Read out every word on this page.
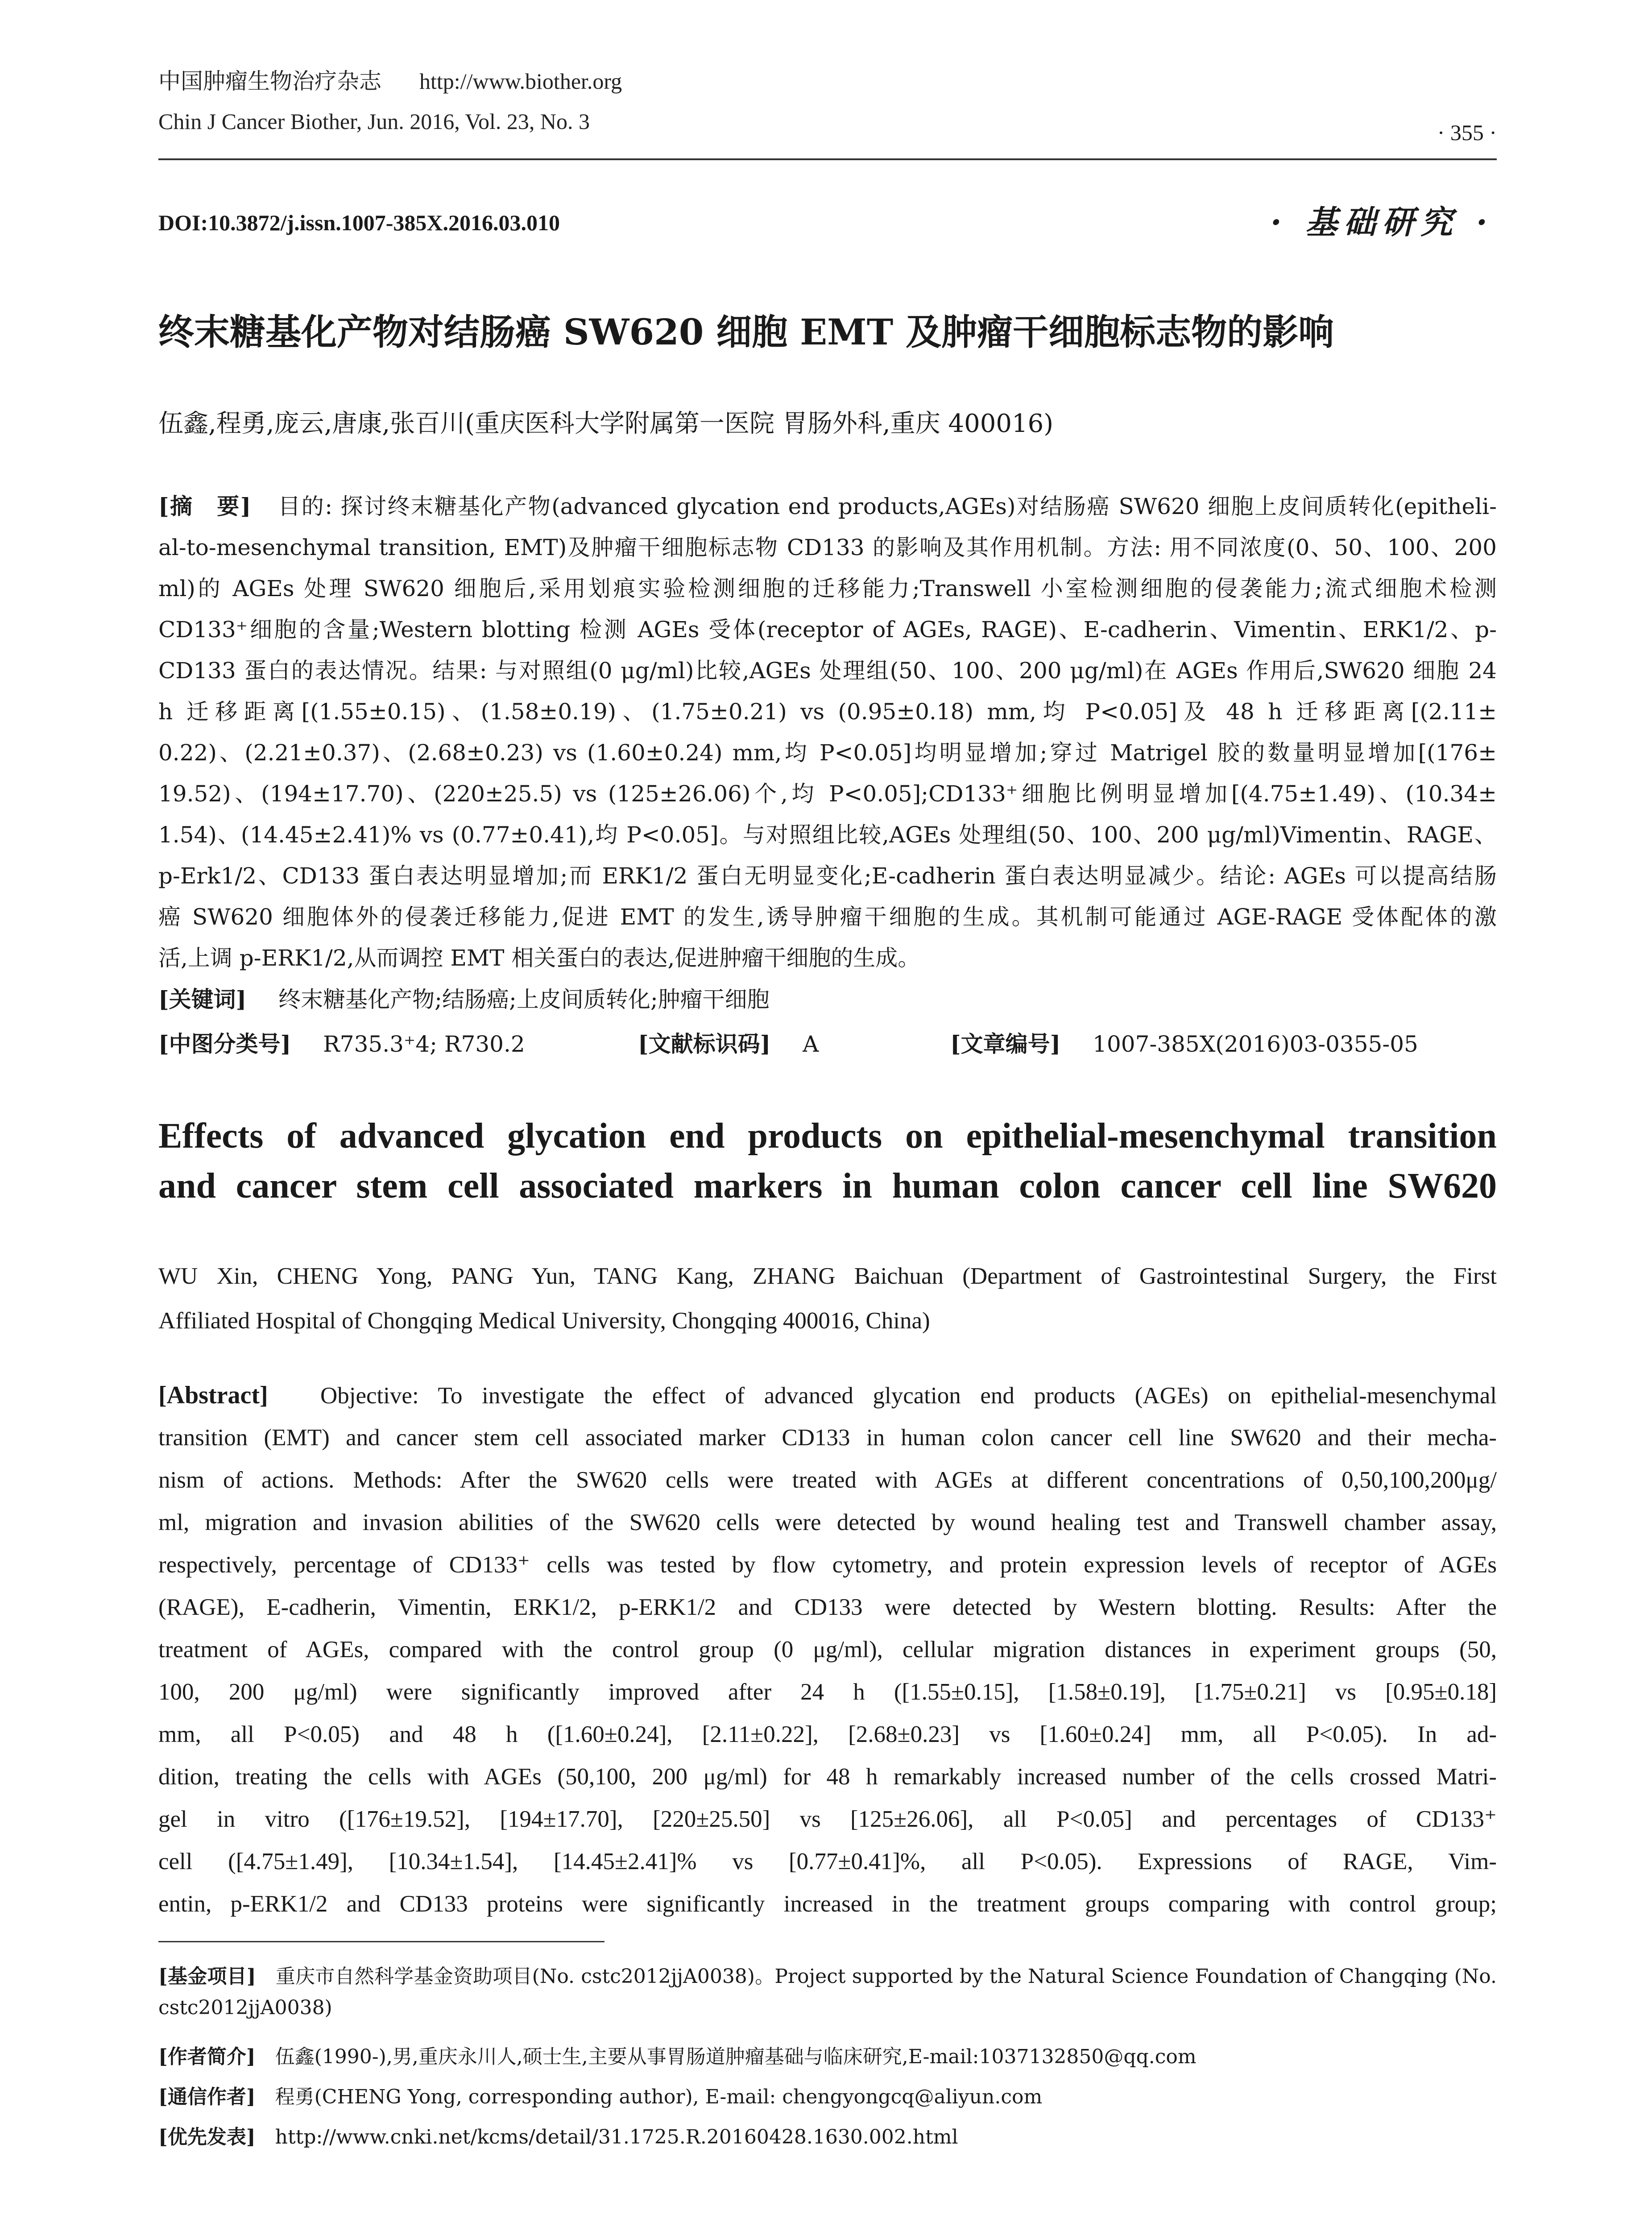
中国肿瘤生物治疗杂志 http://www.biother.org
Chin J Cancer Biother, Jun. 2016, Vol. 23, No. 3	· 355 ·
DOI:10.3872/j.issn.1007-385X.2016.03.010	· 基础研究 ·
终末糖基化产物对结肠癌 SW620 细胞 EMT 及肿瘤干细胞标志物的影响
伍鑫,程勇,庞云,唐康,张百川(重庆医科大学附属第一医院 胃肠外科,重庆 400016)
[摘　要] 目的: 探讨终末糖基化产物(advanced glycation end products,AGEs)对结肠癌 SW620 细胞上皮间质转化(epitheli-
al-to-mesenchymal transition, EMT)及肿瘤干细胞标志物 CD133 的影响及其作用机制。方法: 用不同浓度(0、50、100、200
ml)的 AGEs 处理 SW620 细胞后,采用划痕实验检测细胞的迁移能力;Transwell 小室检测细胞的侵袭能力;流式细胞术检测
CD133⁺细胞的含量;Western blotting 检测 AGEs 受体(receptor of AGEs, RAGE)、E-cadherin、Vimentin、ERK1/2、p-
CD133 蛋白的表达情况。结果: 与对照组(0 μg/ml)比较,AGEs 处理组(50、100、200 μg/ml)在 AGEs 作用后,SW620 细胞 24
h 迁移距离[(1.55±0.15)、(1.58±0.19)、(1.75±0.21) vs (0.95±0.18) mm,均 P<0.05]及 48 h 迁移距离[(2.11±
0.22)、(2.21±0.37)、(2.68±0.23) vs (1.60±0.24) mm,均 P<0.05]均明显增加;穿过 Matrigel 胶的数量明显增加[(176±
19.52)、(194±17.70)、(220±25.5) vs (125±26.06)个,均 P<0.05];CD133⁺细胞比例明显增加[(4.75±1.49)、(10.34±
1.54)、(14.45±2.41)% vs (0.77±0.41),均 P<0.05]。与对照组比较,AGEs 处理组(50、100、200 μg/ml)Vimentin、RAGE、
p-Erk1/2、CD133 蛋白表达明显增加;而 ERK1/2 蛋白无明显变化;E-cadherin 蛋白表达明显减少。结论: AGEs 可以提高结肠
癌 SW620 细胞体外的侵袭迁移能力,促进 EMT 的发生,诱导肿瘤干细胞的生成。其机制可能通过 AGE-RAGE 受体配体的激
活,上调 p-ERK1/2,从而调控 EMT 相关蛋白的表达,促进肿瘤干细胞的生成。
[关键词] 终末糖基化产物;结肠癌;上皮间质转化;肿瘤干细胞
[中图分类号] R735.3⁺4; R730.2	[文献标识码] A	[文章编号] 1007-385X(2016)03-0355-05
Effects of advanced glycation end products on epithelial-mesenchymal transition
and cancer stem cell associated markers in human colon cancer cell line SW620
WU Xin, CHENG Yong, PANG Yun, TANG Kang, ZHANG Baichuan (Department of Gastrointestinal Surgery, the First
Affiliated Hospital of Chongqing Medical University, Chongqing 400016, China)
[Abstract] Objective: To investigate the effect of advanced glycation end products (AGEs) on epithelial-mesenchymal
transition (EMT) and cancer stem cell associated marker CD133 in human colon cancer cell line SW620 and their mecha-
nism of actions. Methods: After the SW620 cells were treated with AGEs at different concentrations of 0,50,100,200μg/
ml, migration and invasion abilities of the SW620 cells were detected by wound healing test and Transwell chamber assay,
respectively, percentage of CD133⁺ cells was tested by flow cytometry, and protein expression levels of receptor of AGEs
(RAGE), E-cadherin, Vimentin, ERK1/2, p-ERK1/2 and CD133 were detected by Western blotting. Results: After the
treatment of AGEs, compared with the control group (0 μg/ml), cellular migration distances in experiment groups (50,
100, 200 μg/ml) were significantly improved after 24 h ([1.55±0.15], [1.58±0.19], [1.75±0.21] vs [0.95±0.18]
mm, all P<0.05) and 48 h ([1.60±0.24], [2.11±0.22], [2.68±0.23] vs [1.60±0.24] mm, all P<0.05). In ad-
dition, treating the cells with AGEs (50,100, 200 μg/ml) for 48 h remarkably increased number of the cells crossed Matri-
gel in vitro ([176±19.52], [194±17.70], [220±25.50] vs [125±26.06], all P<0.05] and percentages of CD133⁺
cell ([4.75±1.49], [10.34±1.54], [14.45±2.41]% vs [0.77±0.41]%, all P<0.05). Expressions of RAGE, Vim-
entin, p-ERK1/2 and CD133 proteins were significantly increased in the treatment groups comparing with control group;
[基金项目] 重庆市自然科学基金资助项目(No. cstc2012jjA0038)。Project supported by the Natural Science Foundation of Changqing (No.
cstc2012jjA0038)
[作者简介] 伍鑫(1990-),男,重庆永川人,硕士生,主要从事胃肠道肿瘤基础与临床研究,E-mail:1037132850@qq.com
[通信作者] 程勇(CHENG Yong, corresponding author), E-mail: chengyongcq@aliyun.com
[优先发表] http://www.cnki.net/kcms/detail/31.1725.R.20160428.1630.002.html
